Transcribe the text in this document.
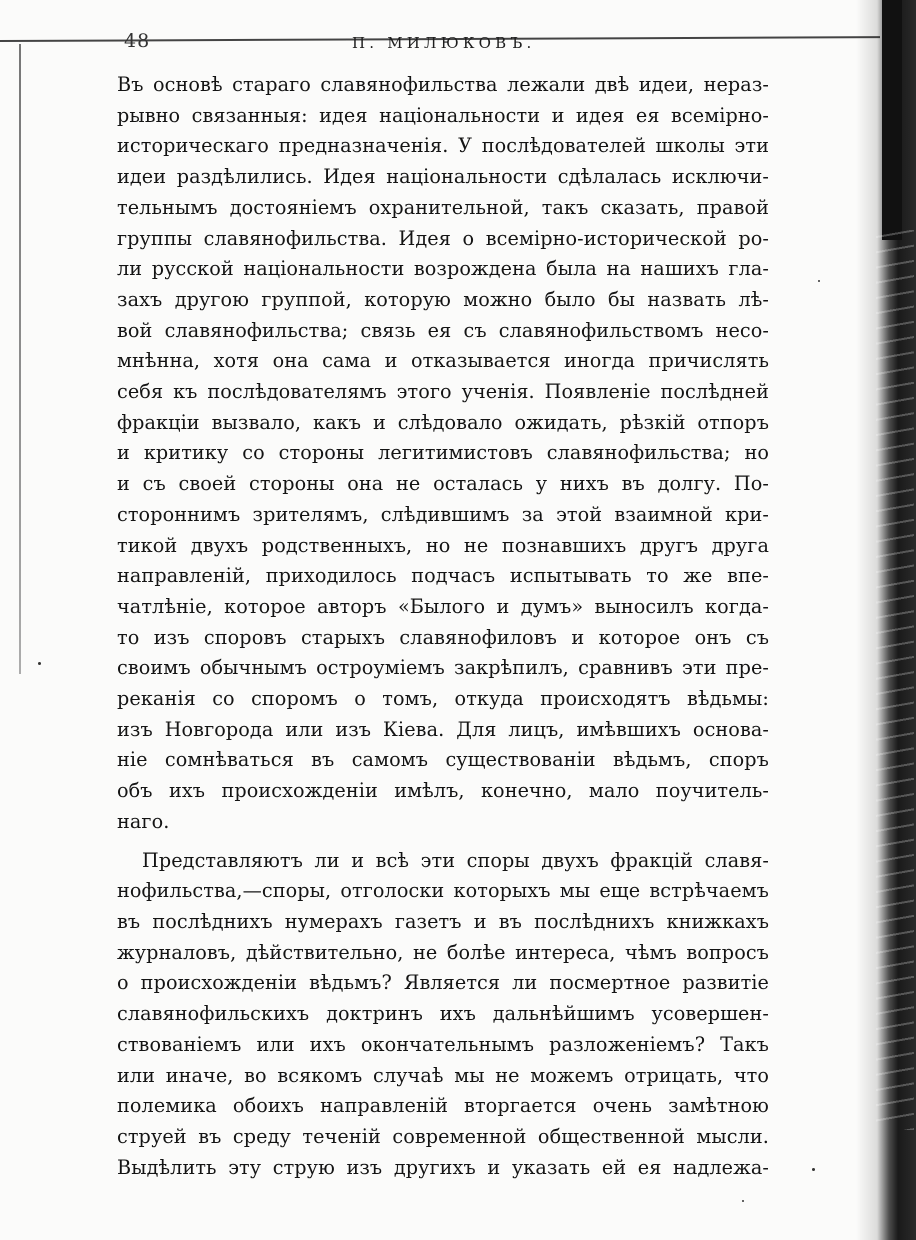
48	П. МИЛЮКОВЪ.

Въ основѣ стараго славянофильства лежали двѣ идеи, нераз-
рывно связанныя: идея національности и идея ея всемірно-
историческаго предназначенія. У послѣдователей школы эти
идеи раздѣлились. Идея національности сдѣлалась исключи-
тельнымъ достояніемъ охранительной, такъ сказать, правой
группы славянофильства. Идея о всемірно-исторической ро-
ли русской національности возрождена была на нашихъ гла-
захъ другою группой, которую можно было бы назвать лѣ-
вой славянофильства; связь ея съ славянофильствомъ несо-
мнѣнна, хотя она сама и отказывается иногда причислять
себя къ послѣдователямъ этого ученія. Появленіе послѣдней
фракціи вызвало, какъ и слѣдовало ожидать, рѣзкій отпоръ
и критику со стороны легитимистовъ славянофильства; но
и съ своей стороны она не осталась у нихъ въ долгу. По-
стороннимъ зрителямъ, слѣдившимъ за этой взаимной кри-
тикой двухъ родственныхъ, но не познавшихъ другъ друга
направленій, приходилось подчасъ испытывать то же впе-
чатлѣніе, которое авторъ «Былого и думъ» выносилъ когда-
то изъ споровъ старыхъ славянофиловъ и которое онъ съ
своимъ обычнымъ остроуміемъ закрѣпилъ, сравнивъ эти пре-
реканія со споромъ о томъ, откуда происходятъ вѣдьмы:
изъ Новгорода или изъ Кіева. Для лицъ, имѣвшихъ основа-
ніе сомнѣваться въ самомъ существованіи вѣдьмъ, споръ
объ ихъ происхожденіи имѣлъ, конечно, мало поучитель-
наго.

Представляютъ ли и всѣ эти споры двухъ фракцій славя-
нофильства,—споры, отголоски которыхъ мы еще встрѣчаемъ
въ послѣднихъ нумерахъ газетъ и въ послѣднихъ книжкахъ
журналовъ, дѣйствительно, не болѣе интереса, чѣмъ вопросъ
о происхожденіи вѣдьмъ? Является ли посмертное развитіе
славянофильскихъ доктринъ ихъ дальнѣйшимъ усовершен-
ствованіемъ или ихъ окончательнымъ разложеніемъ? Такъ
или иначе, во всякомъ случаѣ мы не можемъ отрицать, что
полемика обоихъ направленій вторгается очень замѣтною
струей въ среду теченій современной общественной мысли.
Выдѣлить эту струю изъ другихъ и указать ей ея надлежа-
